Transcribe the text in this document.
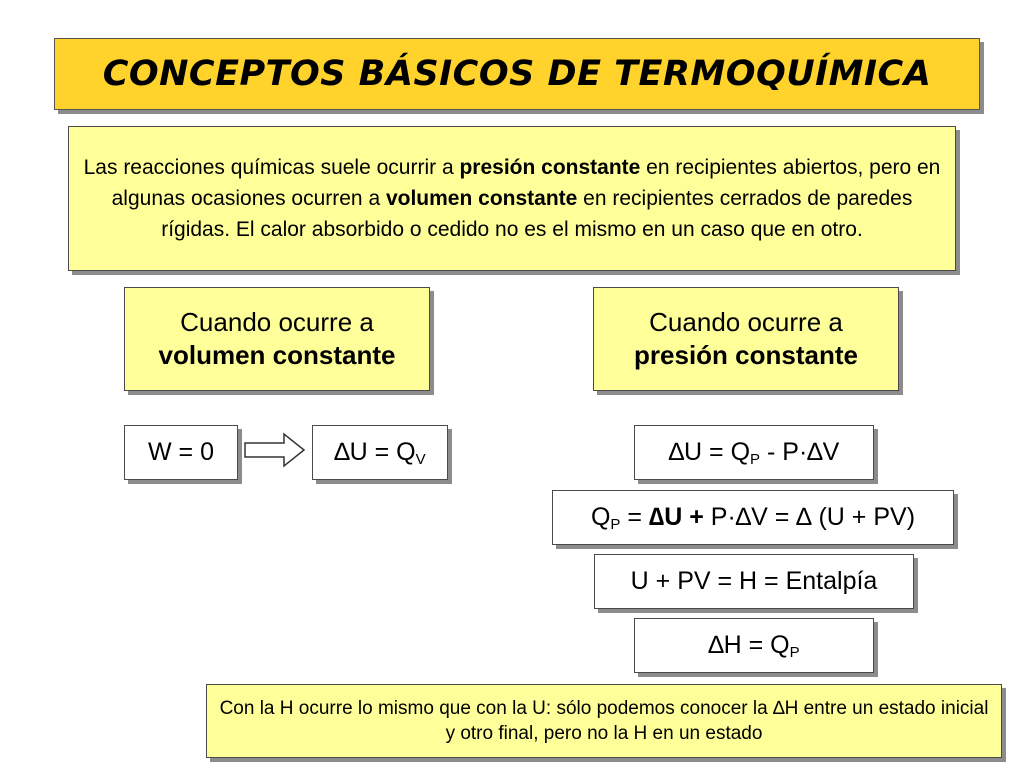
CONCEPTOS BÁSICOS DE TERMOQUÍMICA
Las reacciones químicas suele ocurrir a presión constante en recipientes abiertos, pero en algunas ocasiones ocurren a volumen constante en recipientes cerrados de paredes rígidas. El calor absorbido o cedido no es el mismo en un caso que en otro.
Cuando ocurre a
volumen constante
Cuando ocurre a
presión constante
W = 0	$\Delta U = Q_V$	$\Delta U = Q_P - P\cdot\Delta V$
$Q_P = \Delta U + P\cdot\Delta V$ = ∆ (U + PV)
U + PV = H = Entalpía
$\Delta H = Q_P$
Con la H ocurre lo mismo que con la U: sólo podemos conocer la ∆H entre un estado inicial y otro final, pero no la H en un estado
